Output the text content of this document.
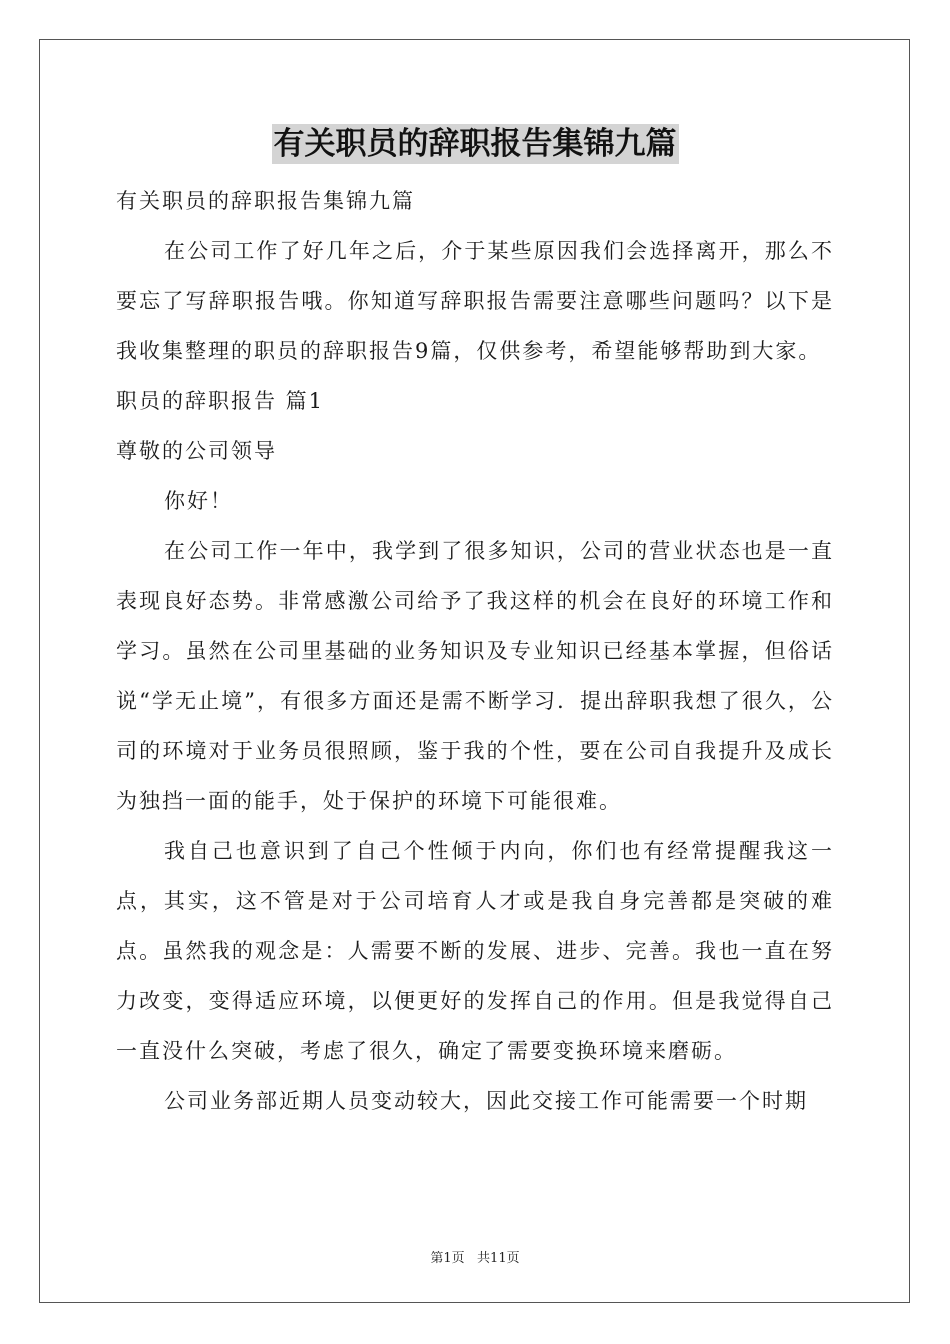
有关职员的辞职报告集锦九篇
有关职员的辞职报告集锦九篇
在公司工作了好几年之后，介于某些原因我们会选择离开，那么不要忘了写辞职报告哦。你知道写辞职报告需要注意哪些问题吗？以下是我收集整理的职员的辞职报告9篇，仅供参考，希望能够帮助到大家。
职员的辞职报告 篇1
尊敬的公司领导
你好！
在公司工作一年中，我学到了很多知识，公司的营业状态也是一直表现良好态势。非常感激公司给予了我这样的机会在良好的环境工作和学习。虽然在公司里基础的业务知识及专业知识已经基本掌握，但俗话说“学无止境”，有很多方面还是需不断学习．提出辞职我想了很久，公司的环境对于业务员很照顾，鉴于我的个性，要在公司自我提升及成长为独挡一面的能手，处于保护的环境下可能很难。
我自己也意识到了自己个性倾于内向，你们也有经常提醒我这一点，其实，这不管是对于公司培育人才或是我自身完善都是突破的难点。虽然我的观念是：人需要不断的发展、进步、完善。我也一直在努力改变，变得适应环境，以便更好的发挥自己的作用。但是我觉得自己一直没什么突破，考虑了很久，确定了需要变换环境来磨砺。
公司业务部近期人员变动较大，因此交接工作可能需要一个时期
第1页   共11页
